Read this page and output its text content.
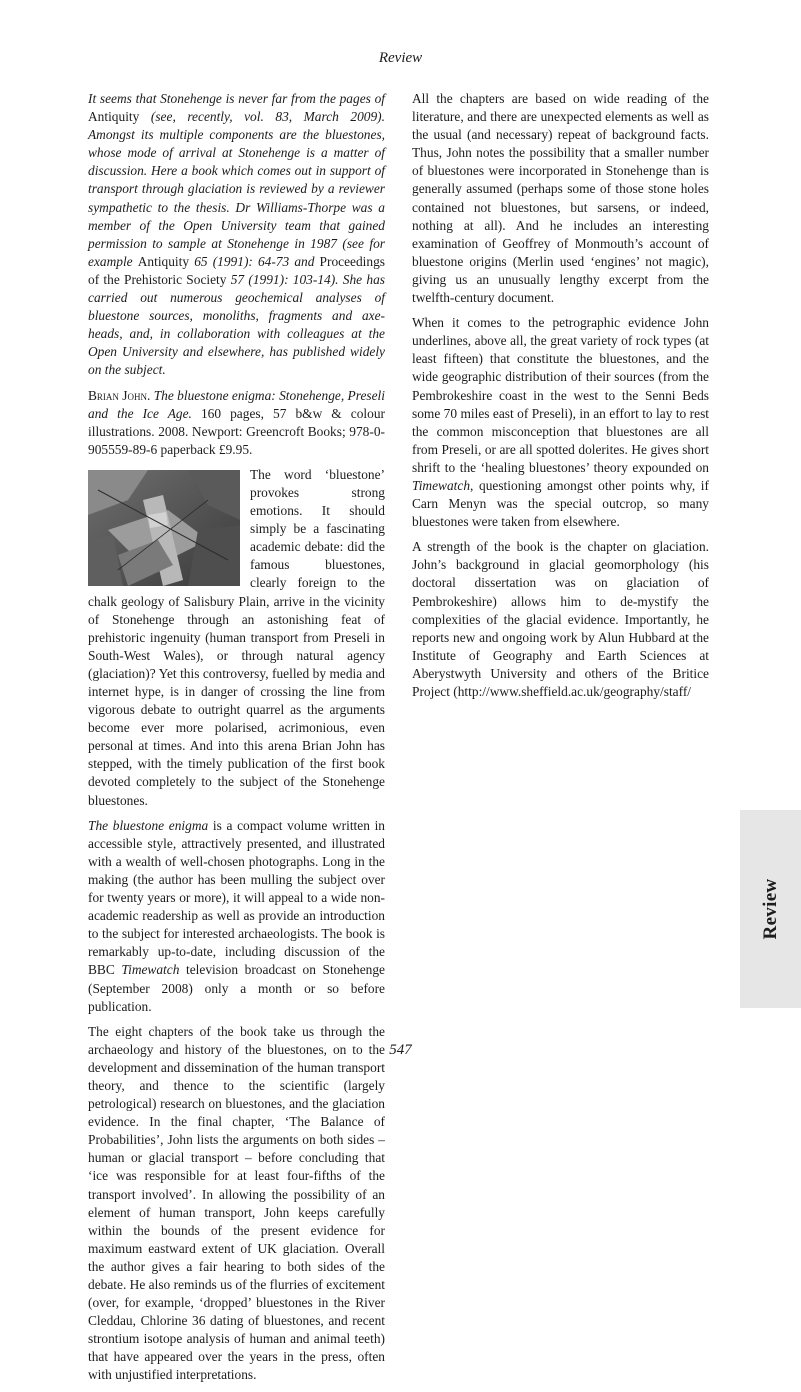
Review

It seems that Stonehenge is never far from the pages of Antiquity (see, recently, vol. 83, March 2009). Amongst its multiple components are the bluestones, whose mode of arrival at Stonehenge is a matter of discussion. Here a book which comes out in support of transport through glaciation is reviewed by a reviewer sympathetic to the thesis. Dr Williams-Thorpe was a member of the Open University team that gained permission to sample at Stonehenge in 1987 (see for example Antiquity 65 (1991): 64-73 and Proceedings of the Prehistoric Society 57 (1991): 103-14). She has carried out numerous geochemical analyses of bluestone sources, monoliths, fragments and axe-heads, and, in collaboration with colleagues at the Open University and elsewhere, has published widely on the subject.

Brian John. The bluestone enigma: Stonehenge, Preseli and the Ice Age. 160 pages, 57 b&w & colour illustrations. 2008. Newport: Greencroft Books; 978-0-905559-89-6 paperback £9.95.

The word ‘bluestone’ provokes strong emotions. It should simply be a fascinating academic debate: did the famous bluestones, clearly foreign to the chalk geology of Salisbury Plain, arrive in the vicinity of Stonehenge through an astonishing feat of prehistoric ingenuity (human transport from Preseli in South-West Wales), or through natural agency (glaciation)? Yet this controversy, fuelled by media and internet hype, is in danger of crossing the line from vigorous debate to outright quarrel as the arguments become ever more polarised, acrimonious, even personal at times. And into this arena Brian John has stepped, with the timely publication of the first book devoted completely to the subject of the Stonehenge bluestones.

The bluestone enigma is a compact volume written in accessible style, attractively presented, and illustrated with a wealth of well-chosen photographs. Long in the making (the author has been mulling the subject over for twenty years or more), it will appeal to a wide non-academic readership as well as provide an introduction to the subject for interested archaeologists. The book is remarkably up-to-date, including discussion of the BBC Timewatch television broadcast on Stonehenge (September 2008) only a month or so before publication.

The eight chapters of the book take us through the archaeology and history of the bluestones, on to the development and dissemination of the human transport theory, and thence to the scientific (largely petrological) research on bluestones, and the glaciation evidence. In the final chapter, ‘The Balance of Probabilities’, John lists the arguments on both sides – human or glacial transport – before concluding that ‘ice was responsible for at least four-fifths of the transport involved’. In allowing the possibility of an element of human transport, John keeps carefully within the bounds of the present evidence for maximum eastward extent of UK glaciation. Overall the author gives a fair hearing to both sides of the debate. He also reminds us of the flurries of excitement (over, for example, ‘dropped’ bluestones in the River Cleddau, Chlorine 36 dating of bluestones, and recent strontium isotope analysis of human and animal teeth) that have appeared over the years in the press, often with unjustified interpretations.

All the chapters are based on wide reading of the literature, and there are unexpected elements as well as the usual (and necessary) repeat of background facts. Thus, John notes the possibility that a smaller number of bluestones were incorporated in Stonehenge than is generally assumed (perhaps some of those stone holes contained not bluestones, but sarsens, or indeed, nothing at all). And he includes an interesting examination of Geoffrey of Monmouth’s account of bluestone origins (Merlin used ‘engines’ not magic), giving us an unusually lengthy excerpt from the twelfth-century document.

When it comes to the petrographic evidence John underlines, above all, the great variety of rock types (at least fifteen) that constitute the bluestones, and the wide geographic distribution of their sources (from the Pembrokeshire coast in the west to the Senni Beds some 70 miles east of Preseli), in an effort to lay to rest the common misconception that bluestones are all from Preseli, or are all spotted dolerites. He gives short shrift to the ‘healing bluestones’ theory expounded on Timewatch, questioning amongst other points why, if Carn Menyn was the special outcrop, so many bluestones were taken from elsewhere.

A strength of the book is the chapter on glaciation. John’s background in glacial geomorphology (his doctoral dissertation was on glaciation of Pembrokeshire) allows him to de-mystify the complexities of the glacial evidence. Importantly, he reports new and ongoing work by Alun Hubbard at the Institute of Geography and Earth Sciences at Aberystwyth University and others of the Britice Project (http://www.sheffield.ac.uk/geography/staff/

Review
547
